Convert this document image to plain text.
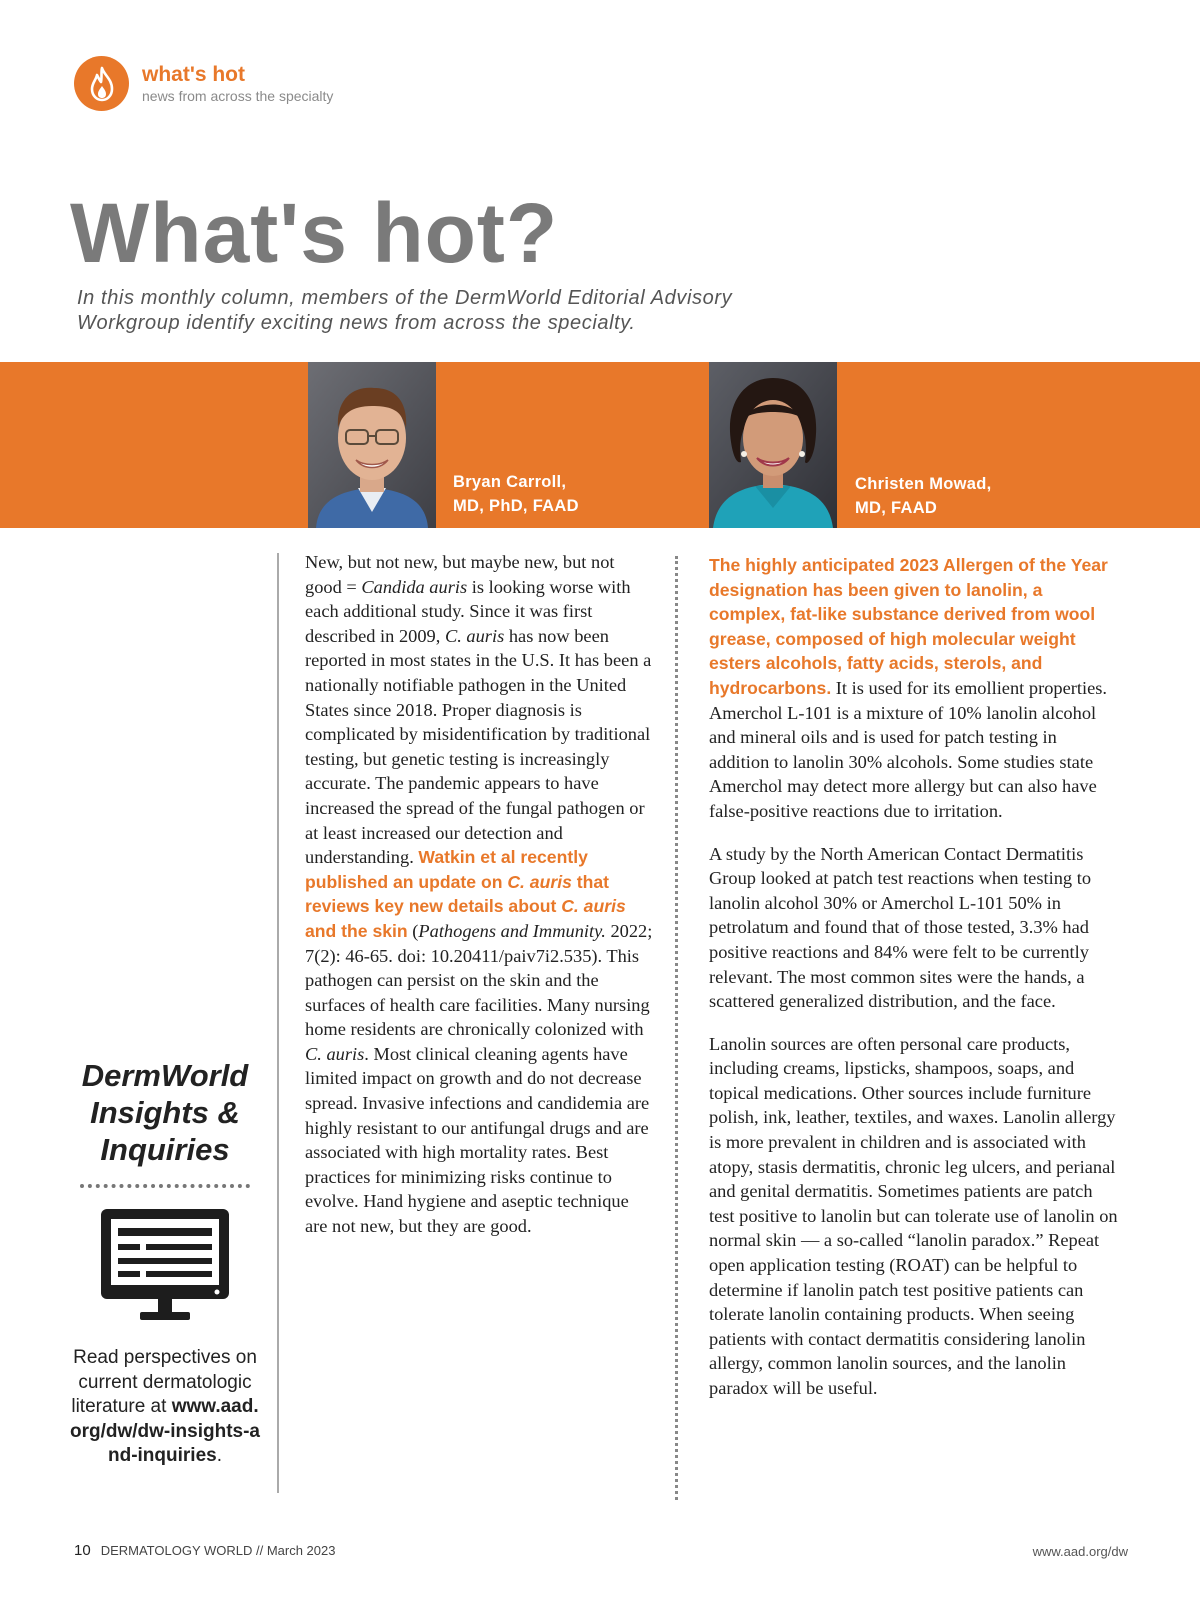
what's hot
news from across the specialty
What's hot?
In this monthly column, members of the DermWorld Editorial Advisory Workgroup identify exciting news from across the specialty.
Bryan Carroll,
MD, PhD, FAAD
Christen Mowad,
MD, FAAD
DermWorld Insights & Inquiries
Read perspectives on current dermatologic literature at www.aad.org/dw/dw-insights-and-inquiries.

New, but not new, but maybe new, but not good = Candida auris is looking worse with each additional study. Since it was first described in 2009, C. auris has now been reported in most states in the U.S. It has been a nationally notifiable pathogen in the United States since 2018. Proper diagnosis is complicated by misidentification by traditional testing, but genetic testing is increasingly accurate. The pandemic appears to have increased the spread of the fungal pathogen or at least increased our detection and understanding. Watkin et al recently published an update on C. auris that reviews key new details about C. auris and the skin (Pathogens and Immunity. 2022; 7(2): 46-65. doi: 10.20411/paiv7i2.535). This pathogen can persist on the skin and the surfaces of health care facilities. Many nursing home residents are chronically colonized with C. auris. Most clinical cleaning agents have limited impact on growth and do not decrease spread. Invasive infections and candidemia are highly resistant to our antifungal drugs and are associated with high mortality rates. Best practices for minimizing risks continue to evolve. Hand hygiene and aseptic technique are not new, but they are good.

The highly anticipated 2023 Allergen of the Year designation has been given to lanolin, a complex, fat-like substance derived from wool grease, composed of high molecular weight esters alcohols, fatty acids, sterols, and hydrocarbons. It is used for its emollient properties. Amerchol L-101 is a mixture of 10% lanolin alcohol and mineral oils and is used for patch testing in addition to lanolin 30% alcohols. Some studies state Amerchol may detect more allergy but can also have false-positive reactions due to irritation.

A study by the North American Contact Dermatitis Group looked at patch test reactions when testing to lanolin alcohol 30% or Amerchol L-101 50% in petrolatum and found that of those tested, 3.3% had positive reactions and 84% were felt to be currently relevant. The most common sites were the hands, a scattered generalized distribution, and the face.

Lanolin sources are often personal care products, including creams, lipsticks, shampoos, soaps, and topical medications. Other sources include furniture polish, ink, leather, textiles, and waxes. Lanolin allergy is more prevalent in children and is associated with atopy, stasis dermatitis, chronic leg ulcers, and perianal and genital dermatitis. Sometimes patients are patch test positive to lanolin but can tolerate use of lanolin on normal skin — a so-called “lanolin paradox.” Repeat open application testing (ROAT) can be helpful to determine if lanolin patch test positive patients can tolerate lanolin containing products. When seeing patients with contact dermatitis considering lanolin allergy, common lanolin sources, and the lanolin paradox will be useful.

10 DERMATOLOGY WORLD // March 2023	www.aad.org/dw
